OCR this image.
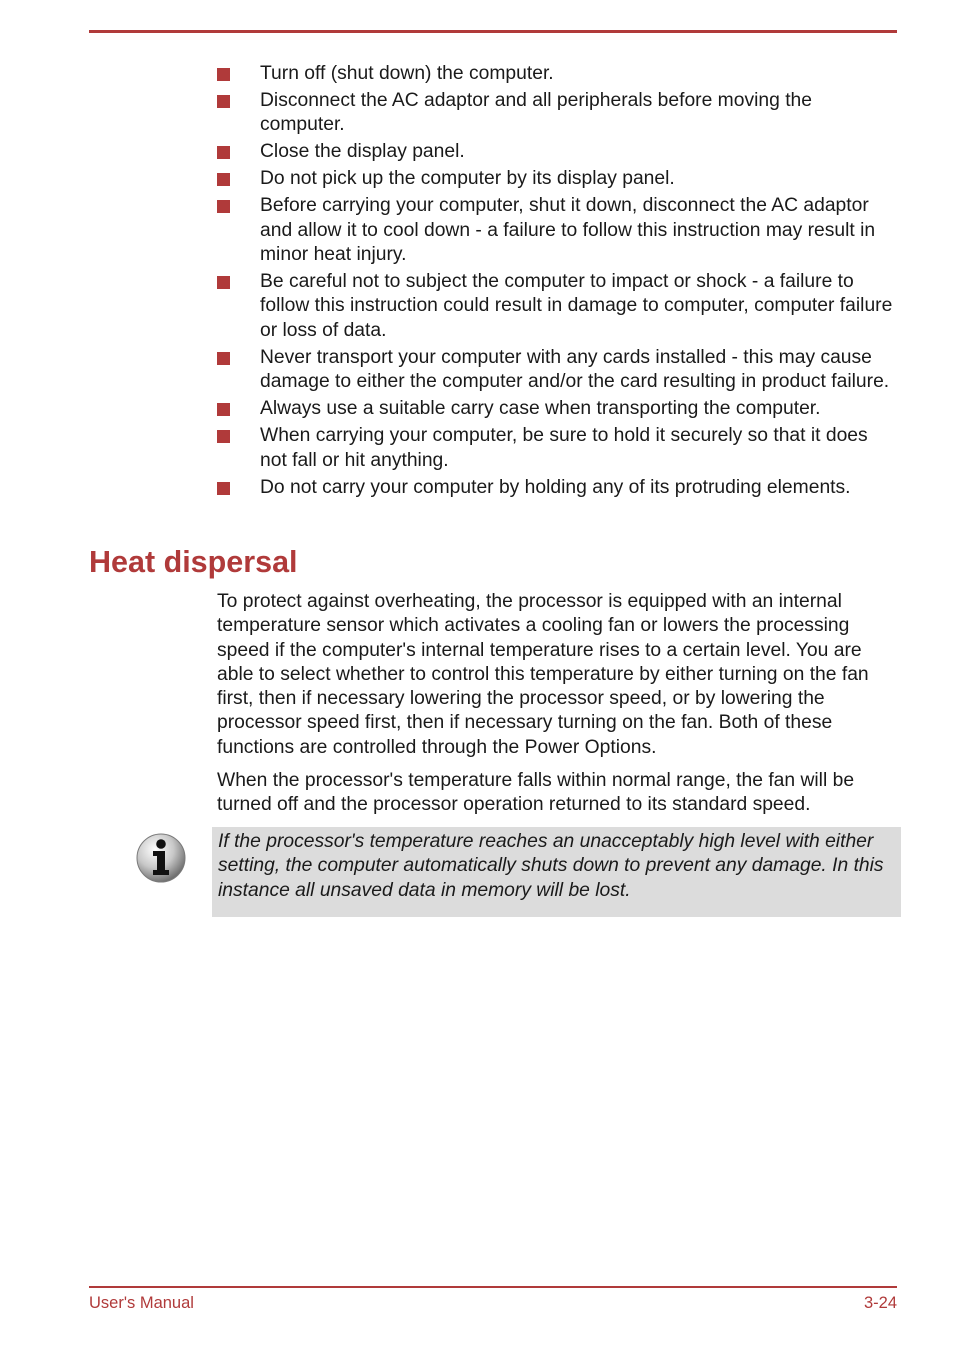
Turn off (shut down) the computer.
Disconnect the AC adaptor and all peripherals before moving the computer.
Close the display panel.
Do not pick up the computer by its display panel.
Before carrying your computer, shut it down, disconnect the AC adaptor and allow it to cool down - a failure to follow this instruction may result in minor heat injury.
Be careful not to subject the computer to impact or shock - a failure to follow this instruction could result in damage to computer, computer failure or loss of data.
Never transport your computer with any cards installed - this may cause damage to either the computer and/or the card resulting in product failure.
Always use a suitable carry case when transporting the computer.
When carrying your computer, be sure to hold it securely so that it does not fall or hit anything.
Do not carry your computer by holding any of its protruding elements.
Heat dispersal

To protect against overheating, the processor is equipped with an internal temperature sensor which activates a cooling fan or lowers the processing speed if the computer's internal temperature rises to a certain level. You are able to select whether to control this temperature by either turning on the fan first, then if necessary lowering the processor speed, or by lowering the processor speed first, then if necessary turning on the fan. Both of these functions are controlled through the Power Options.

When the processor's temperature falls within normal range, the fan will be turned off and the processor operation returned to its standard speed.

If the processor's temperature reaches an unacceptably high level with either setting, the computer automatically shuts down to prevent any damage. In this instance all unsaved data in memory will be lost.

User's Manual	3-24
